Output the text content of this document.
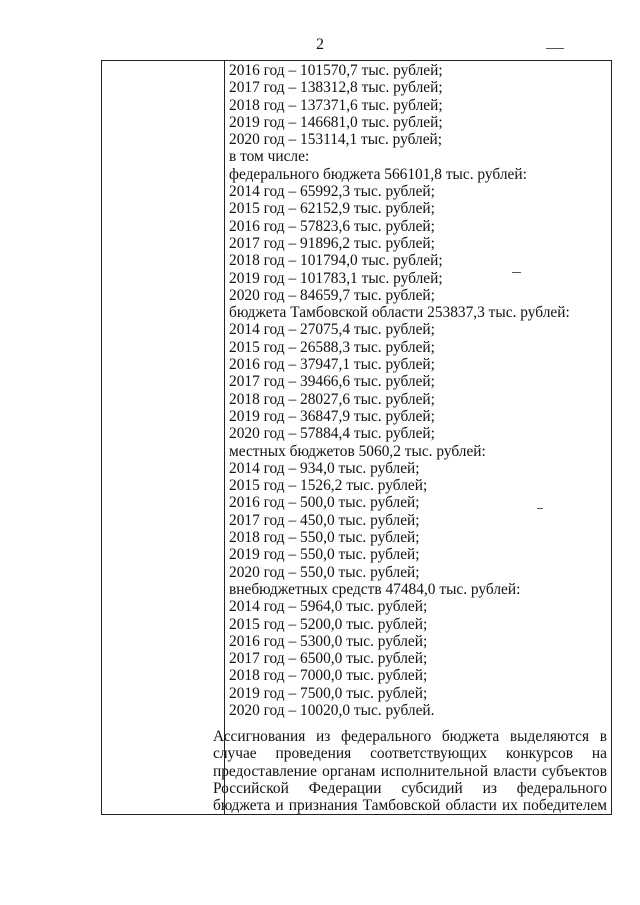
2
2016 год – 101570,7 тыс. рублей;
2017 год – 138312,8 тыс. рублей;
2018 год – 137371,6 тыс. рублей;
2019 год – 146681,0 тыс. рублей;
2020 год – 153114,1 тыс. рублей;
в том числе:
федерального бюджета 566101,8 тыс. рублей:
2014 год – 65992,3 тыс. рублей;
2015 год – 62152,9 тыс. рублей;
2016 год – 57823,6 тыс. рублей;
2017 год – 91896,2 тыс. рублей;
2018 год – 101794,0 тыс. рублей;
2019 год – 101783,1 тыс. рублей;
2020 год – 84659,7 тыс. рублей;
бюджета Тамбовской области 253837,3 тыс. рублей:
2014 год – 27075,4 тыс. рублей;
2015 год – 26588,3 тыс. рублей;
2016 год – 37947,1 тыс. рублей;
2017 год – 39466,6 тыс. рублей;
2018 год – 28027,6 тыс. рублей;
2019 год – 36847,9 тыс. рублей;
2020 год – 57884,4 тыс. рублей;
местных бюджетов 5060,2 тыс. рублей:
2014 год – 934,0 тыс. рублей;
2015 год – 1526,2 тыс. рублей;
2016 год – 500,0 тыс. рублей;
2017 год – 450,0 тыс. рублей;
2018 год – 550,0 тыс. рублей;
2019 год – 550,0 тыс. рублей;
2020 год – 550,0 тыс. рублей;
внебюджетных средств 47484,0 тыс. рублей:
2014 год – 5964,0 тыс. рублей;
2015 год – 5200,0 тыс. рублей;
2016 год – 5300,0 тыс. рублей;
2017 год – 6500,0 тыс. рублей;
2018 год – 7000,0 тыс. рублей;
2019 год – 7500,0 тыс. рублей;
2020 год – 10020,0 тыс. рублей.
Ассигнования из федерального бюджета выделяются в
случае проведения соответствующих конкурсов на
предоставление органам исполнительной власти субъектов
Российской Федерации субсидий из федерального
бюджета и признания Тамбовской области их победителем
